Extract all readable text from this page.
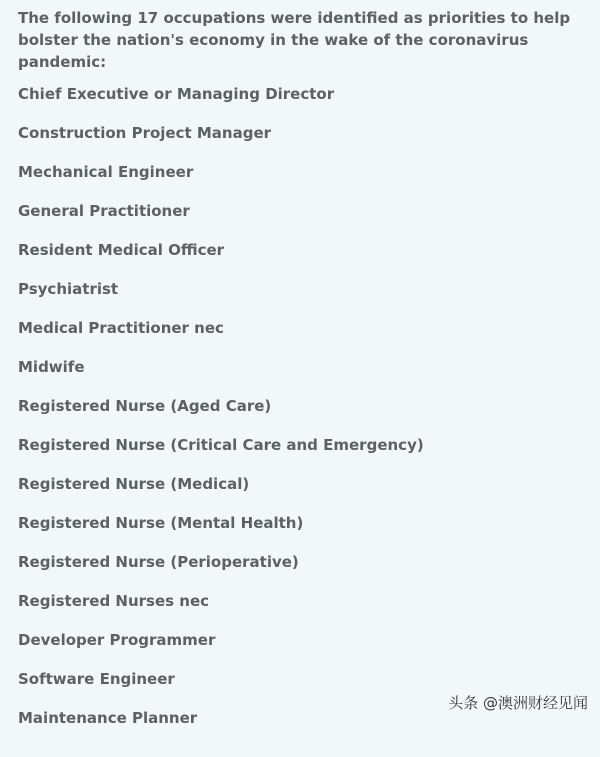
The following 17 occupations were identified as priorities to help bolster the nation's economy in the wake of the coronavirus pandemic:

Chief Executive or Managing Director
Construction Project Manager
Mechanical Engineer
General Practitioner
Resident Medical Officer
Psychiatrist
Medical Practitioner nec
Midwife
Registered Nurse (Aged Care)
Registered Nurse (Critical Care and Emergency)
Registered Nurse (Medical)
Registered Nurse (Mental Health)
Registered Nurse (Perioperative)
Registered Nurses nec
Developer Programmer
Software Engineer
Maintenance Planner
头条 @澳洲财经见闻
